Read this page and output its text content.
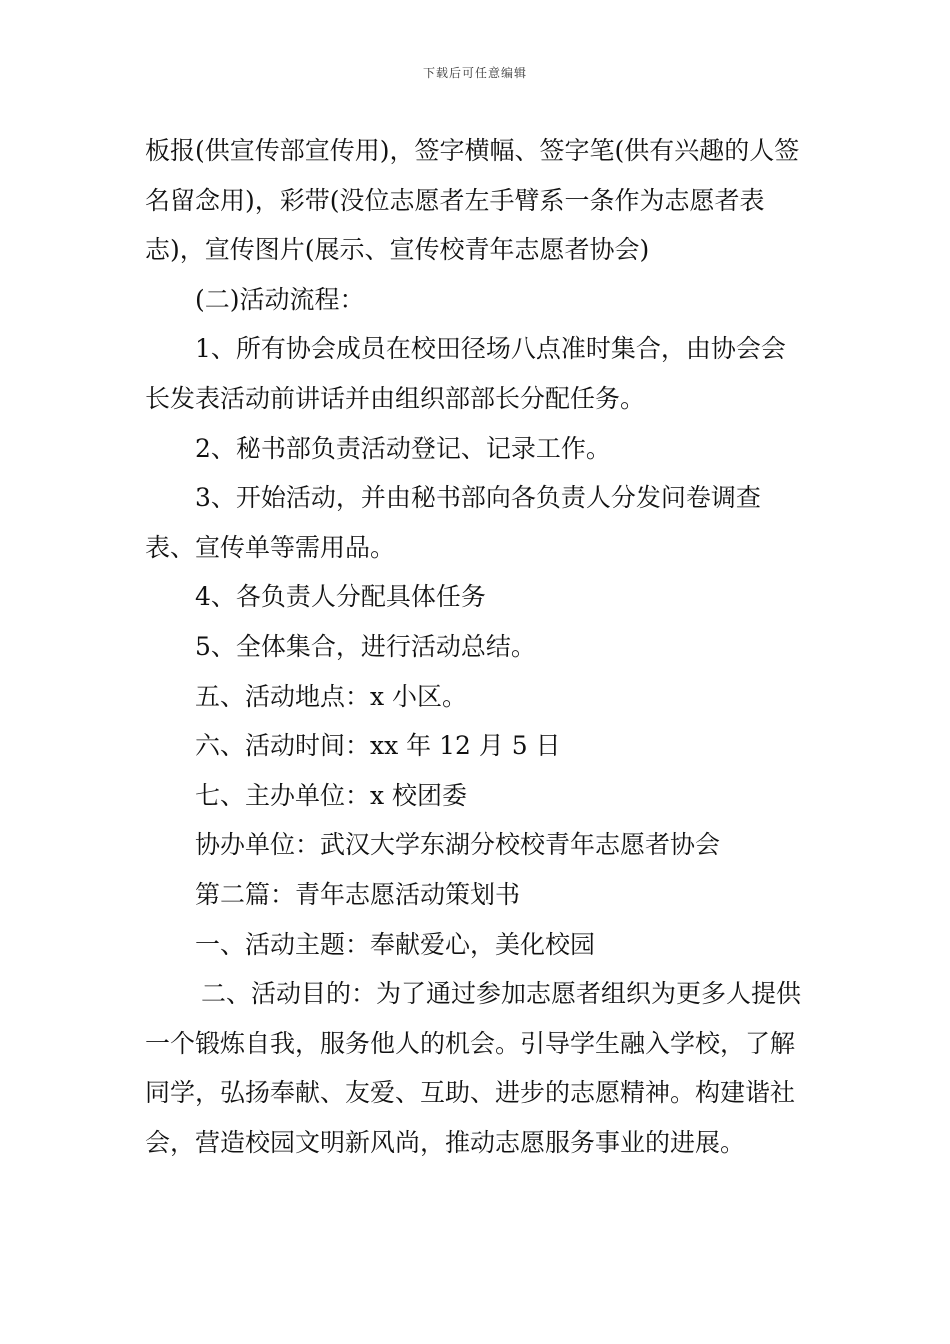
下载后可任意编辑

板报(供宣传部宣传用)，签字横幅、签字笔(供有兴趣的人签名留念用)，彩带(没位志愿者左手臂系一条作为志愿者表志)，宣传图片(展示、宣传校青年志愿者协会)

(二)活动流程：

1、所有协会成员在校田径场八点准时集合，由协会会长发表活动前讲话并由组织部部长分配任务。

2、秘书部负责活动登记、记录工作。

3、开始活动，并由秘书部向各负责人分发问卷调查表、宣传单等需用品。

4、各负责人分配具体任务

5、全体集合，进行活动总结。

五、活动地点：x 小区。

六、活动时间：xx 年 12 月 5 日

七、主办单位：x 校团委

协办单位：武汉大学东湖分校校青年志愿者协会

第二篇：青年志愿活动策划书

一、活动主题：奉献爱心，美化校园

二、活动目的：为了通过参加志愿者组织为更多人提供一个锻炼自我，服务他人的机会。引导学生融入学校，了解同学，弘扬奉献、友爱、互助、进步的志愿精神。构建谐社会，营造校园文明新风尚，推动志愿服务事业的进展。
